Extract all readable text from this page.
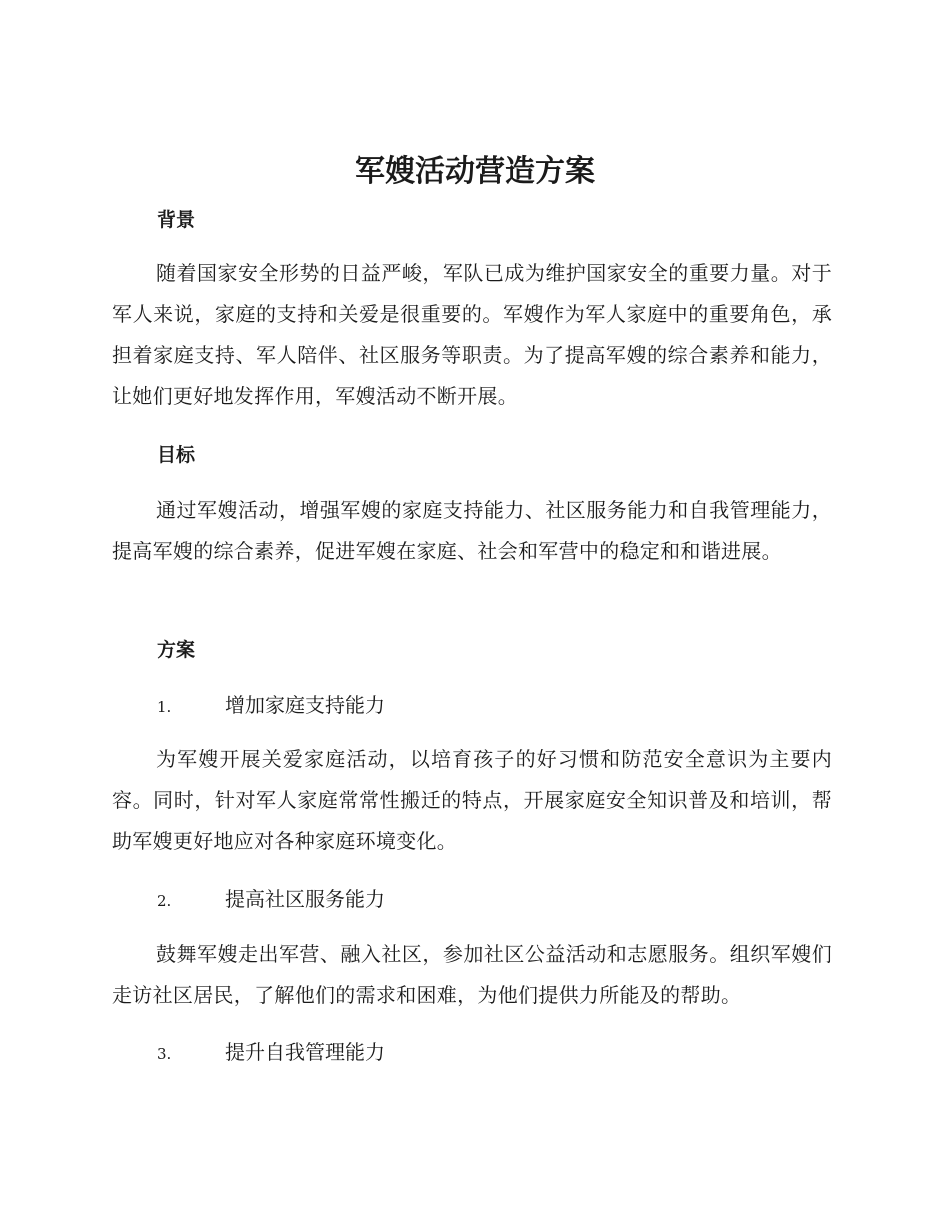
军嫂活动营造方案
背景

随着国家安全形势的日益严峻，军队已成为维护国家安全的重要力量。对于军人来说，家庭的支持和关爱是很重要的。军嫂作为军人家庭中的重要角色，承担着家庭支持、军人陪伴、社区服务等职责。为了提高军嫂的综合素养和能力，让她们更好地发挥作用，军嫂活动不断开展。

目标

通过军嫂活动，增强军嫂的家庭支持能力、社区服务能力和自我管理能力，提高军嫂的综合素养，促进军嫂在家庭、社会和军营中的稳定和和谐进展。

方案
1.	增加家庭支持能力

为军嫂开展关爱家庭活动，以培育孩子的好习惯和防范安全意识为主要内容。同时，针对军人家庭常常性搬迁的特点，开展家庭安全知识普及和培训，帮助军嫂更好地应对各种家庭环境变化。

2.	提高社区服务能力

鼓舞军嫂走出军营、融入社区，参加社区公益活动和志愿服务。组织军嫂们走访社区居民，了解他们的需求和困难，为他们提供力所能及的帮助。

3.	提升自我管理能力
